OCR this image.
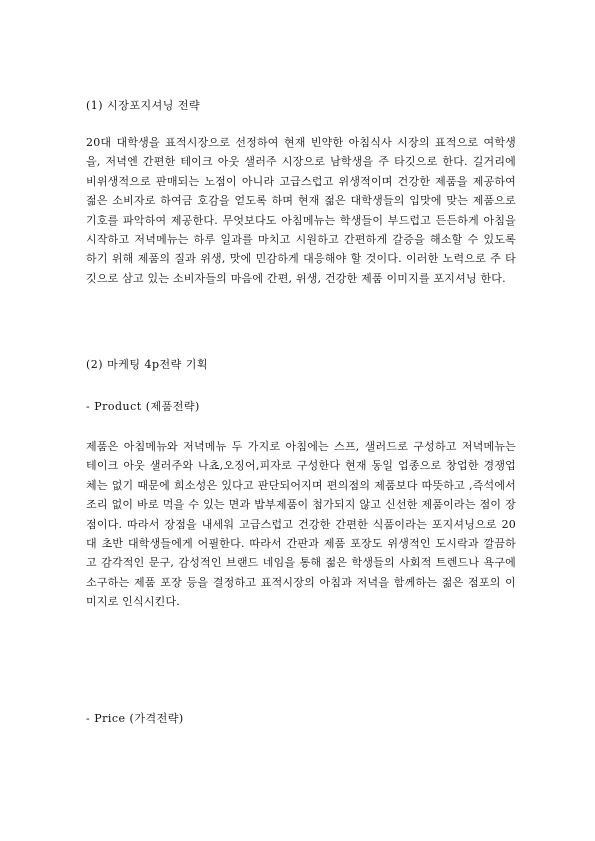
(1) 시장포지셔닝 전략

20대 대학생을 표적시장으로 선정하여 현재 빈약한 아침식사 시장의 표적으로 여학생을, 저녁엔 간편한 테이크 아웃 샐러주 시장으로 남학생을 주 타깃으로 한다. 길거리에 비위생적으로 판매되는 노점이 아니라 고급스럽고 위생적이며 건강한 제품을 제공하여 젊은 소비자로 하여금 호감을 얻도록 하며 현재 젊은 대학생들의 입맛에 맞는 제품으로 기호를 파악하여 제공한다. 무엇보다도 아침메뉴는 학생들이 부드럽고 든든하게 아침을 시작하고 저녁메뉴는 하루 일과를 마치고 시원하고 간편하게 갈증을 해소할 수 있도록 하기 위해 제품의 질과 위생, 맛에 민감하게 대응해야 할 것이다. 이러한 노력으로 주 타깃으로 삼고 있는 소비자들의 마음에 간편, 위생, 건강한 제품 이미지를 포지셔닝 한다.

(2) 마케팅 4p전략 기획

- Product (제품전략)

제품은 아침메뉴와 저녁메뉴 두 가지로 아침에는 스프, 샐러드로 구성하고 저녁메뉴는 테이크 아웃 샐러주와 나쵸,오징어,피자로 구성한다 현재 동일 업종으로 창업한 경쟁업체는 없기 때문에 희소성은 있다고 판단되어지며 편의점의 제품보다 따뜻하고 ,즉석에서 조리 없이 바로 먹을 수 있는 면과 밥부제품이 첨가되지 않고 신선한 제품이라는 점이 장점이다. 따라서 장점을 내세워 고급스럽고 건강한 간편한 식품이라는 포지셔닝으로 20대 초반 대학생들에게 어필한다. 따라서 간판과 제품 포장도 위생적인 도시락과 깔끔하고 감각적인 문구, 감성적인 브랜드 네임을 통해 젊은 학생들의 사회적 트렌드나 욕구에 소구하는 제품 포장 등을 결정하고 표적시장의 아침과 저녁을 함께하는 젊은 점포의 이미지로 인식시킨다.

- Price (가격전략)
